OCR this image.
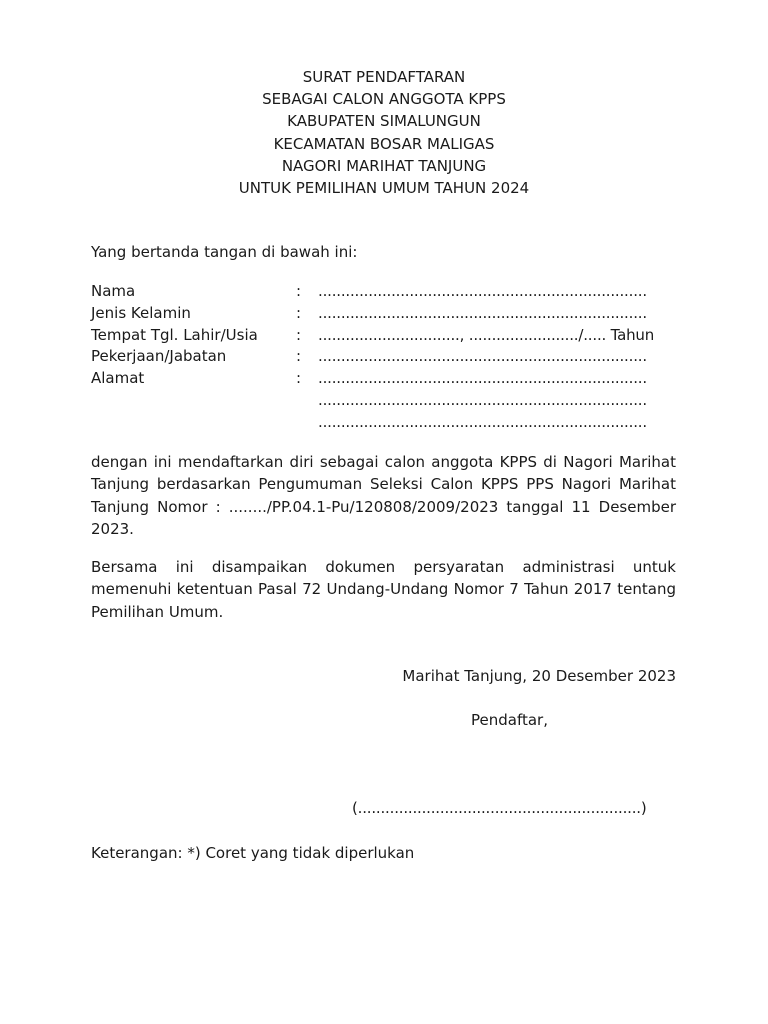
SURAT PENDAFTARAN
SEBAGAI CALON ANGGOTA KPPS
KABUPATEN SIMALUNGUN
KECAMATAN BOSAR MALIGAS
NAGORI MARIHAT TANJUNG
UNTUK PEMILIHAN UMUM TAHUN 2024
Yang bertanda tangan di bawah ini:
Nama	: ........................................................................
Jenis Kelamin	: ........................................................................
Tempat Tgl. Lahir/Usia	: ..............................., ......................../..... Tahun
Pekerjaan/Jabatan	: ........................................................................
Alamat	: ........................................................................
........................................................................
........................................................................
dengan ini mendaftarkan diri sebagai calon anggota KPPS di Nagori Marihat Tanjung berdasarkan Pengumuman Seleksi Calon KPPS PPS Nagori Marihat Tanjung Nomor : ......../PP.04.1-Pu/120808/2009/2023 tanggal 11 Desember 2023.
Bersama ini disampaikan dokumen persyaratan administrasi untuk memenuhi ketentuan Pasal 72 Undang-Undang Nomor 7 Tahun 2017 tentang Pemilihan Umum.
Marihat Tanjung, 20 Desember 2023
Pendaftar,
(..............................................................)
Keterangan: *) Coret yang tidak diperlukan
